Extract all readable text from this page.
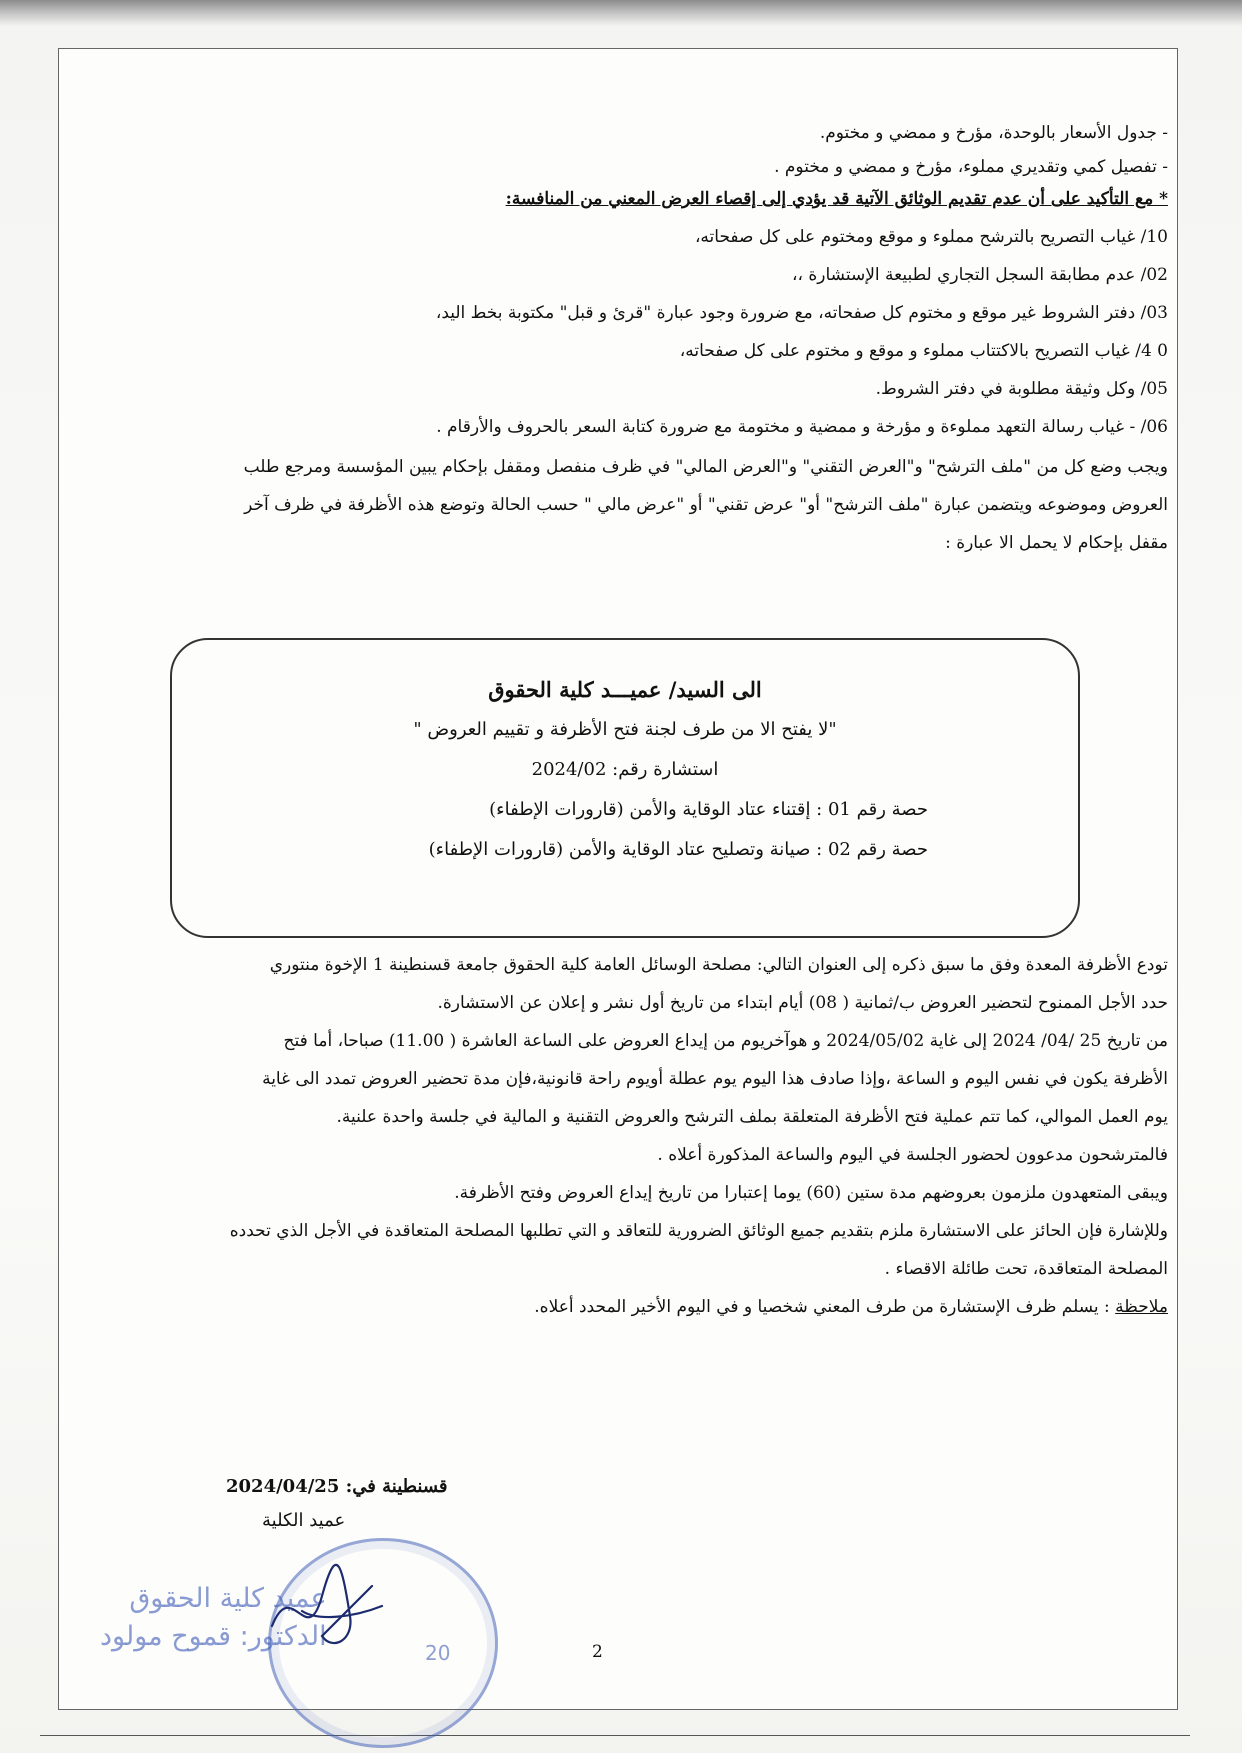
- جدول الأسعار بالوحدة، مؤرخ و ممضي و مختوم.
- تفصيل كمي وتقديري مملوء، مؤرخ و ممضي و مختوم .
* مع التأكيد على أن عدم تقديم الوثائق الآتية قد يؤدي إلى إقصاء العرض المعني من المنافسة:
10/ غياب التصريح بالترشح مملوء و موقع ومختوم على كل صفحاته،
02/ عدم مطابقة السجل التجاري لطبيعة الإستشارة ،،
03/ دفتر الشروط غير موقع و مختوم كل صفحاته، مع ضرورة وجود عبارة "قرئ و قبل" مكتوبة بخط اليد،
0 4/ غياب التصريح بالاكتتاب مملوء و موقع و مختوم على كل صفحاته،
05/ وكل وثيقة مطلوبة في دفتر الشروط.
06/ - غياب رسالة التعهد مملوءة و مؤرخة و ممضية و مختومة مع ضرورة كتابة السعر بالحروف والأرقام .
ويجب وضع كل من "ملف الترشح" و"العرض التقني" و"العرض المالي" في ظرف منفصل ومقفل بإحكام يبين المؤسسة ومرجع طلب
العروض وموضوعه ويتضمن عبارة "ملف الترشح" أو" عرض تقني" أو "عرض مالي " حسب الحالة وتوضع هذه الأظرفة في ظرف آخر
مقفل بإحكام لا يحمل الا عبارة :
تودع الأظرفة المعدة وفق ما سبق ذكره إلى العنوان التالي: مصلحة الوسائل العامة كلية الحقوق جامعة قسنطينة 1 الإخوة منتوري
حدد الأجل الممنوح لتحضير العروض ب/ثمانية ( 08) أيام ابتداء من تاريخ أول نشر و إعلان عن الاستشارة.
من تاريخ 25 /04/ 2024 إلى غاية 2024/05/02 و هوآخريوم من إيداع العروض على الساعة العاشرة ( 11.00) صباحا، أما فتح
الأظرفة يكون في نفس اليوم و الساعة ،وإذا صادف هذا اليوم يوم عطلة أويوم راحة قانونية،فإن مدة تحضير العروض تمدد الى غاية
يوم العمل الموالي، كما تتم عملية فتح الأظرفة المتعلقة بملف الترشح والعروض التقنية و المالية في جلسة واحدة علنية.
فالمترشحون مدعوون لحضور الجلسة في اليوم والساعة المذكورة أعلاه .
ويبقى المتعهدون ملزمون بعروضهم مدة ستين (60) يوما إعتبارا من تاريخ إيداع العروض وفتح الأظرفة.
وللإشارة فإن الحائز على الاستشارة ملزم بتقديم جميع الوثائق الضرورية للتعاقد و التي تطلبها المصلحة المتعاقدة في الأجل الذي تحدده
المصلحة المتعاقدة، تحت طائلة الاقصاء .
ملاحظة : يسلم ظرف الإستشارة من طرف المعني شخصيا و في اليوم الأخير المحدد أعلاه.
الى السيد/ عميـــد كلية الحقوق
"لا يفتح الا من طرف لجنة فتح الأظرفة و تقييم العروض "
استشارة رقم: 2024/02
حصة رقم 01 : إقتناء عتاد الوقاية والأمن (قارورات الإطفاء)
حصة رقم 02 : صيانة وتصليح عتاد الوقاية والأمن (قارورات الإطفاء)
قسنطينة في: 2024/04/25
عميد الكلية
20
عميد كلية الحقوق
الدكتور: قموح مولود	2
